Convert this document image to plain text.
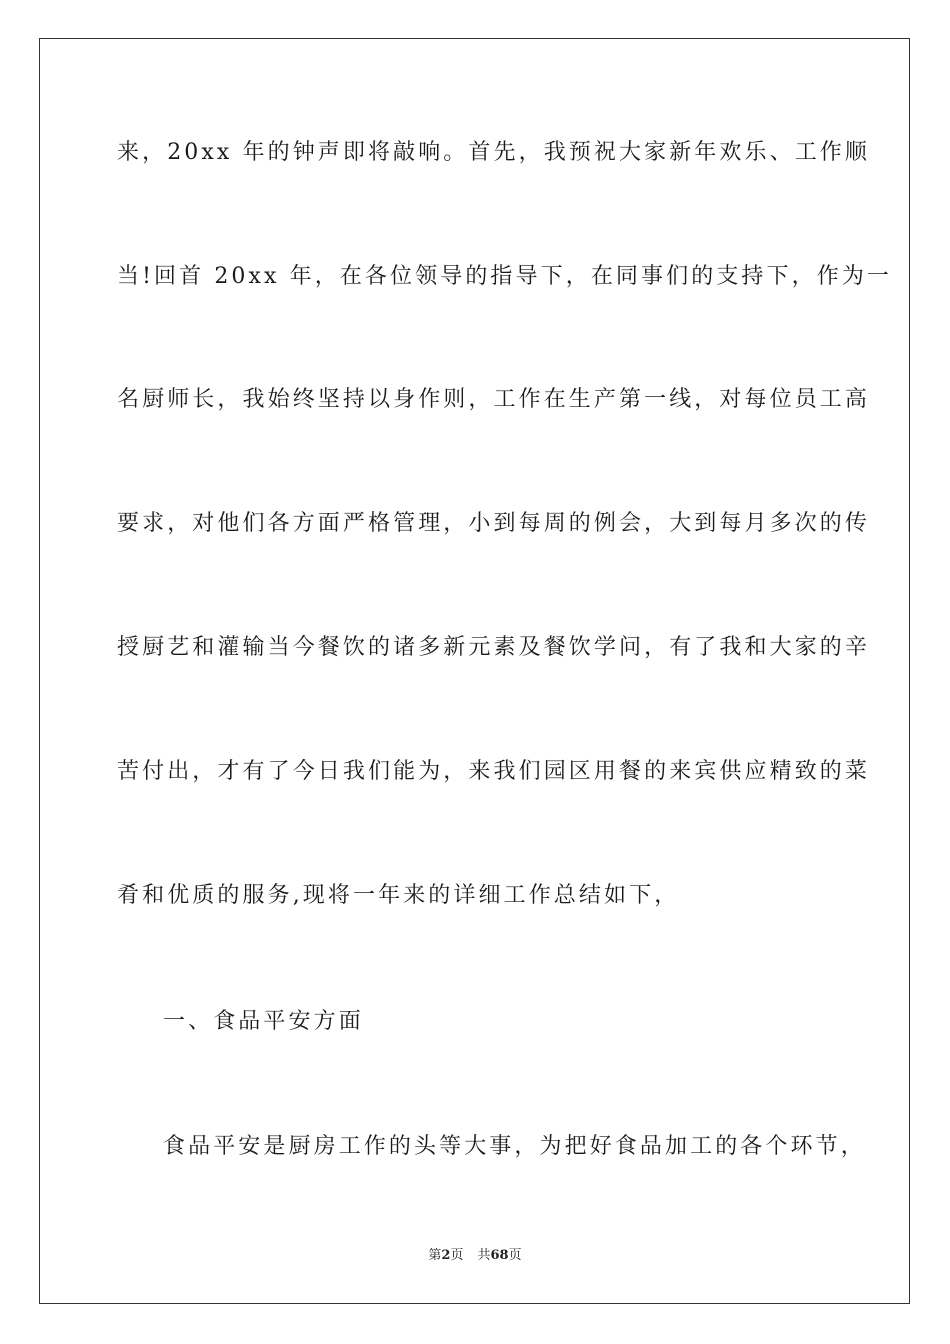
来，20xx 年的钟声即将敲响。首先，我预祝大家新年欢乐、工作顺
当!回首 20xx 年，在各位领导的指导下，在同事们的支持下，作为一
名厨师长，我始终坚持以身作则，工作在生产第一线，对每位员工高
要求，对他们各方面严格管理，小到每周的例会，大到每月多次的传
授厨艺和灌输当今餐饮的诸多新元素及餐饮学问，有了我和大家的辛
苦付出，才有了今日我们能为，来我们园区用餐的来宾供应精致的菜
肴和优质的服务,现将一年来的详细工作总结如下，
一、食品平安方面
食品平安是厨房工作的头等大事，为把好食品加工的各个环节，
第2页 共68页
